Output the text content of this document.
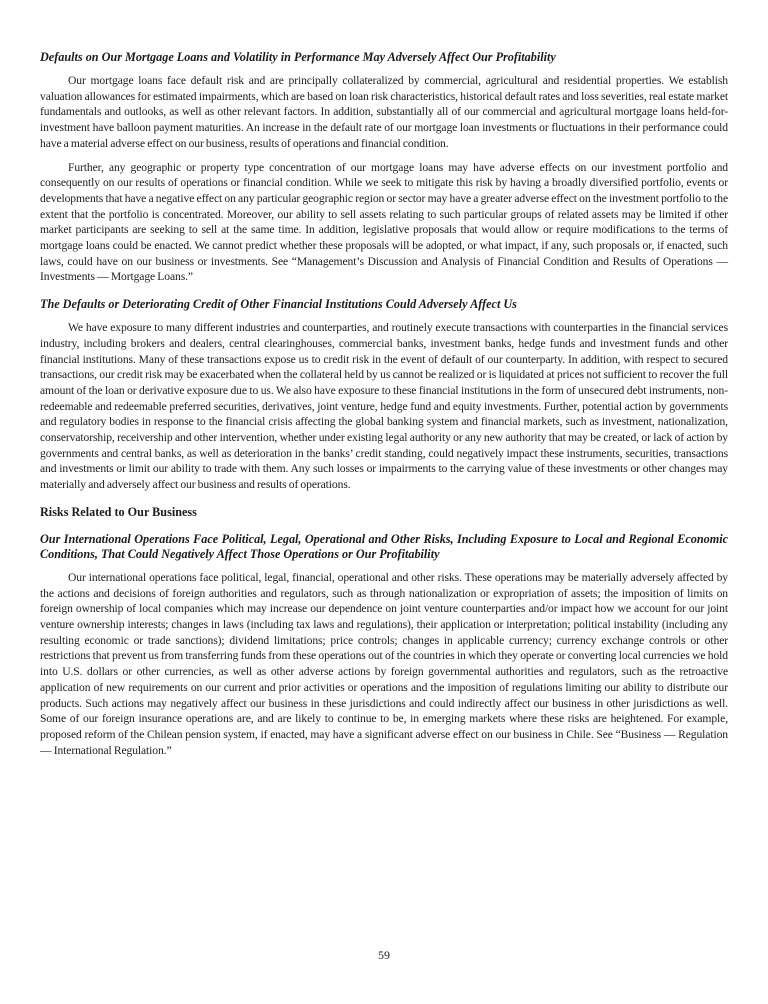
Defaults on Our Mortgage Loans and Volatility in Performance May Adversely Affect Our Profitability

Our mortgage loans face default risk and are principally collateralized by commercial, agricultural and residential properties. We establish valuation allowances for estimated impairments, which are based on loan risk characteristics, historical default rates and loss severities, real estate market fundamentals and outlooks, as well as other relevant factors. In addition, substantially all of our commercial and agricultural mortgage loans held-for-investment have balloon payment maturities. An increase in the default rate of our mortgage loan investments or fluctuations in their performance could have a material adverse effect on our business, results of operations and financial condition.

Further, any geographic or property type concentration of our mortgage loans may have adverse effects on our investment portfolio and consequently on our results of operations or financial condition. While we seek to mitigate this risk by having a broadly diversified portfolio, events or developments that have a negative effect on any particular geographic region or sector may have a greater adverse effect on the investment portfolio to the extent that the portfolio is concentrated. Moreover, our ability to sell assets relating to such particular groups of related assets may be limited if other market participants are seeking to sell at the same time. In addition, legislative proposals that would allow or require modifications to the terms of mortgage loans could be enacted. We cannot predict whether these proposals will be adopted, or what impact, if any, such proposals or, if enacted, such laws, could have on our business or investments. See “Management’s Discussion and Analysis of Financial Condition and Results of Operations — Investments — Mortgage Loans.”

The Defaults or Deteriorating Credit of Other Financial Institutions Could Adversely Affect Us

We have exposure to many different industries and counterparties, and routinely execute transactions with counterparties in the financial services industry, including brokers and dealers, central clearinghouses, commercial banks, investment banks, hedge funds and investment funds and other financial institutions. Many of these transactions expose us to credit risk in the event of default of our counterparty. In addition, with respect to secured transactions, our credit risk may be exacerbated when the collateral held by us cannot be realized or is liquidated at prices not sufficient to recover the full amount of the loan or derivative exposure due to us. We also have exposure to these financial institutions in the form of unsecured debt instruments, non-redeemable and redeemable preferred securities, derivatives, joint venture, hedge fund and equity investments. Further, potential action by governments and regulatory bodies in response to the financial crisis affecting the global banking system and financial markets, such as investment, nationalization, conservatorship, receivership and other intervention, whether under existing legal authority or any new authority that may be created, or lack of action by governments and central banks, as well as deterioration in the banks’ credit standing, could negatively impact these instruments, securities, transactions and investments or limit our ability to trade with them. Any such losses or impairments to the carrying value of these investments or other changes may materially and adversely affect our business and results of operations.

Risks Related to Our Business
Our International Operations Face Political, Legal, Operational and Other Risks, Including Exposure to Local and Regional Economic Conditions, That Could Negatively Affect Those Operations or Our Profitability

Our international operations face political, legal, financial, operational and other risks. These operations may be materially adversely affected by the actions and decisions of foreign authorities and regulators, such as through nationalization or expropriation of assets; the imposition of limits on foreign ownership of local companies which may increase our dependence on joint venture counterparties and/or impact how we account for our joint venture ownership interests; changes in laws (including tax laws and regulations), their application or interpretation; political instability (including any resulting economic or trade sanctions); dividend limitations; price controls; changes in applicable currency; currency exchange controls or other restrictions that prevent us from transferring funds from these operations out of the countries in which they operate or converting local currencies we hold into U.S. dollars or other currencies, as well as other adverse actions by foreign governmental authorities and regulators, such as the retroactive application of new requirements on our current and prior activities or operations and the imposition of regulations limiting our ability to distribute our products. Such actions may negatively affect our business in these jurisdictions and could indirectly affect our business in other jurisdictions as well. Some of our foreign insurance operations are, and are likely to continue to be, in emerging markets where these risks are heightened. For example, proposed reform of the Chilean pension system, if enacted, may have a significant adverse effect on our business in Chile. See “Business — Regulation — International Regulation.”

59
